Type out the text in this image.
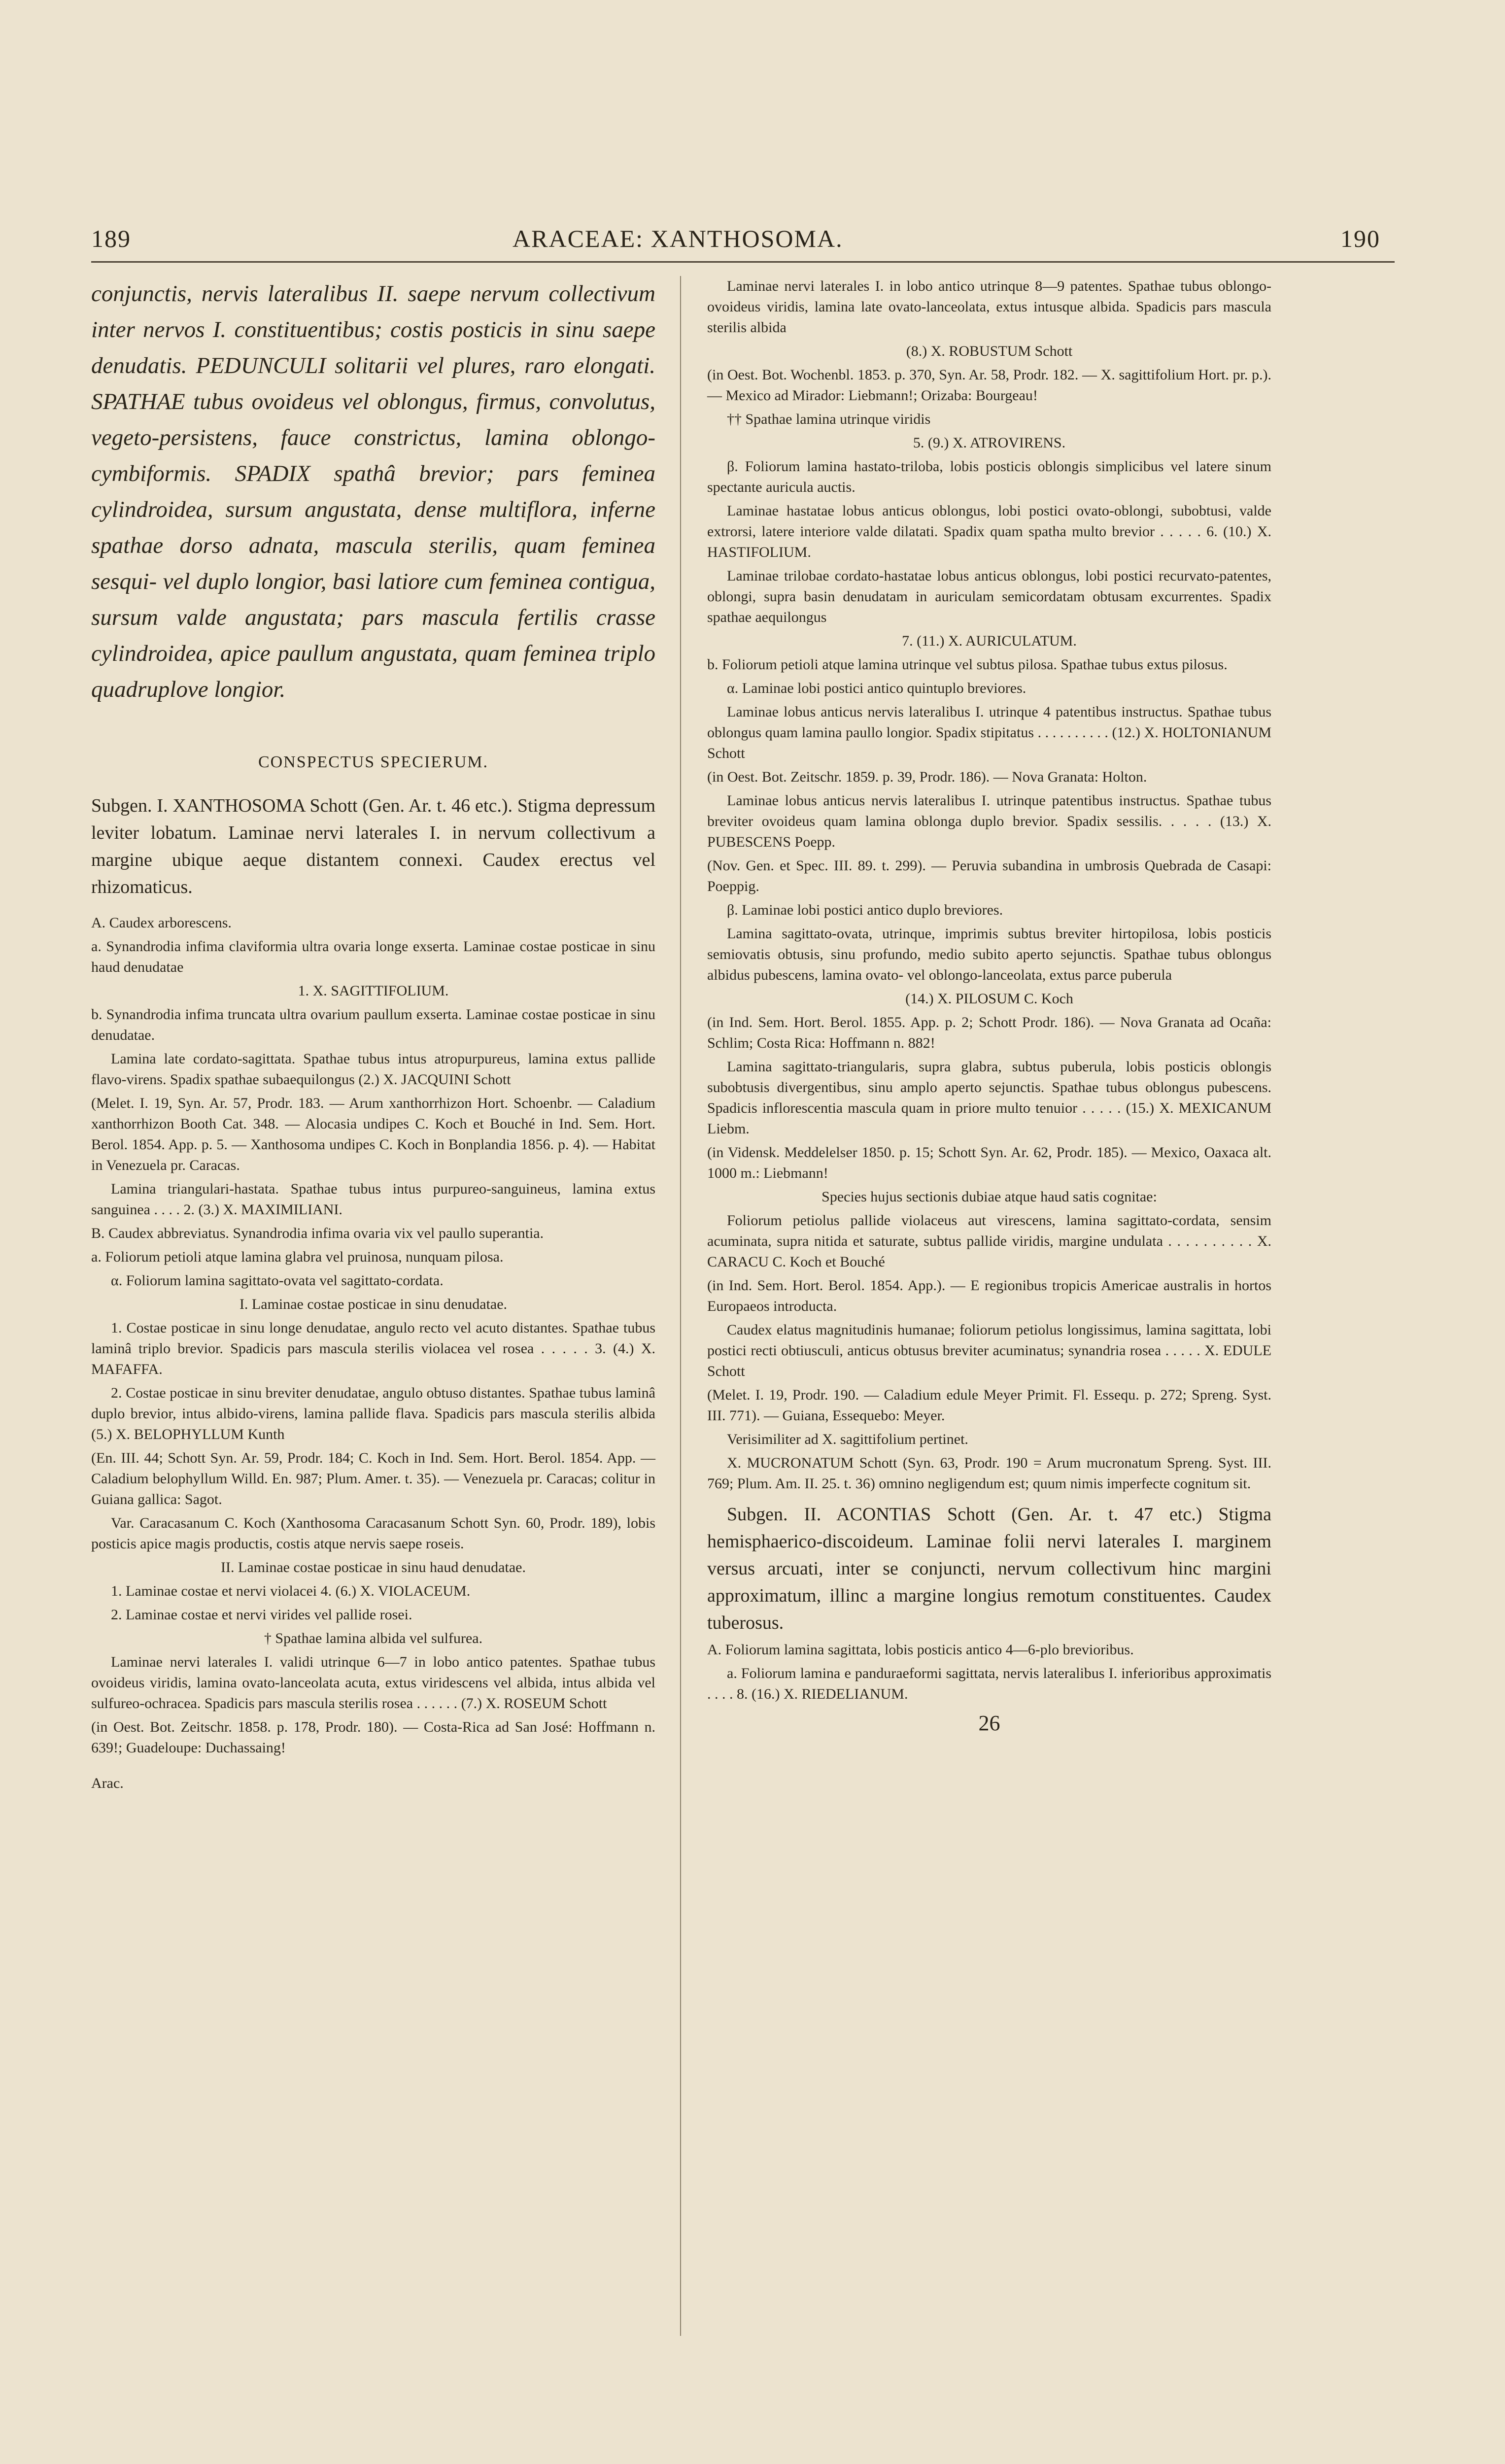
189	ARACEAE: XANTHOSOMA.	190

conjunctis, nervis lateralibus II. saepe nervum collectivum inter nervos I. constituentibus; costis posticis in sinu saepe denudatis. PEDUNCULI solitarii vel plures, raro elongati. SPATHAE tubus ovoideus vel oblongus, firmus, convolutus, vegeto-persistens, fauce constrictus, lamina oblongo-cymbiformis. SPADIX spathâ brevior; pars feminea cylindroidea, sursum angustata, dense multiflora, inferne spathae dorso adnata, mascula sterilis, quam feminea sesqui- vel duplo longior, basi latiore cum feminea contigua, sursum valde angustata; pars mascula fertilis crasse cylindroidea, apice paullum angustata, quam feminea triplo quadruplove longior.

CONSPECTUS SPECIERUM.

Subgen. I. XANTHOSOMA Schott (Gen. Ar. t. 46 etc.). Stigma depressum leviter lobatum. Laminae nervi laterales I. in nervum collectivum a margine ubique aeque distantem connexi. Caudex erectus vel rhizomaticus.

A. Caudex arborescens.

a. Synandrodia infima claviformia ultra ovaria longe exserta. Laminae costae posticae in sinu haud denudatae

1. X. SAGITTIFOLIUM.

b. Synandrodia infima truncata ultra ovarium paullum exserta. Laminae costae posticae in sinu denudatae.

Lamina late cordato-sagittata. Spathae tubus intus atropurpureus, lamina extus pallide flavo-virens. Spadix spathae subaequilongus (2.) X. JACQUINI Schott

(Melet. I. 19, Syn. Ar. 57, Prodr. 183. — Arum xanthorrhizon Hort. Schoenbr. — Caladium xanthorrhizon Booth Cat. 348. — Alocasia undipes C. Koch et Bouché in Ind. Sem. Hort. Berol. 1854. App. p. 5. — Xanthosoma undipes C. Koch in Bonplandia 1856. p. 4). — Habitat in Venezuela pr. Caracas.

Lamina triangulari-hastata. Spathae tubus intus purpureo-sanguineus, lamina extus sanguinea . . . . 2. (3.) X. MAXIMILIANI.

B. Caudex abbreviatus. Synandrodia infima ovaria vix vel paullo superantia.

a. Foliorum petioli atque lamina glabra vel pruinosa, nunquam pilosa.

α. Foliorum lamina sagittato-ovata vel sagittato-cordata.

I. Laminae costae posticae in sinu denudatae.

1. Costae posticae in sinu longe denudatae, angulo recto vel acuto distantes. Spathae tubus laminâ triplo brevior. Spadicis pars mascula sterilis violacea vel rosea . . . . . 3. (4.) X. MAFAFFA.

2. Costae posticae in sinu breviter denudatae, angulo obtuso distantes. Spathae tubus laminâ duplo brevior, intus albido-virens, lamina pallide flava. Spadicis pars mascula sterilis albida (5.) X. BELOPHYLLUM Kunth

(En. III. 44; Schott Syn. Ar. 59, Prodr. 184; C. Koch in Ind. Sem. Hort. Berol. 1854. App. — Caladium belophyllum Willd. En. 987; Plum. Amer. t. 35). — Venezuela pr. Caracas; colitur in Guiana gallica: Sagot.

Var. Caracasanum C. Koch (Xanthosoma Caracasanum Schott Syn. 60, Prodr. 189), lobis posticis apice magis productis, costis atque nervis saepe roseis.

II. Laminae costae posticae in sinu haud denudatae.

1. Laminae costae et nervi violacei 4. (6.) X. VIOLACEUM.

2. Laminae costae et nervi virides vel pallide rosei.

† Spathae lamina albida vel sulfurea.

Laminae nervi laterales I. validi utrinque 6—7 in lobo antico patentes. Spathae tubus ovoideus viridis, lamina ovato-lanceolata acuta, extus viridescens vel albida, intus albida vel sulfureo-ochracea. Spadicis pars mascula sterilis rosea . . . . . . (7.) X. ROSEUM Schott

(in Oest. Bot. Zeitschr. 1858. p. 178, Prodr. 180). — Costa-Rica ad San José: Hoffmann n. 639!; Guadeloupe: Duchassaing!

Arac.

Laminae nervi laterales I. in lobo antico utrinque 8—9 patentes. Spathae tubus oblongo-ovoideus viridis, lamina late ovato-lanceolata, extus intusque albida. Spadicis pars mascula sterilis albida

(8.) X. ROBUSTUM Schott

(in Oest. Bot. Wochenbl. 1853. p. 370, Syn. Ar. 58, Prodr. 182. — X. sagittifolium Hort. pr. p.). — Mexico ad Mirador: Liebmann!; Orizaba: Bourgeau!

†† Spathae lamina utrinque viridis

5. (9.) X. ATROVIRENS.

β. Foliorum lamina hastato-triloba, lobis posticis oblongis simplicibus vel latere sinum spectante auricula auctis.

Laminae hastatae lobus anticus oblongus, lobi postici ovato-oblongi, subobtusi, valde extrorsi, latere interiore valde dilatati. Spadix quam spatha multo brevior . . . . . 6. (10.) X. HASTIFOLIUM.

Laminae trilobae cordato-hastatae lobus anticus oblongus, lobi postici recurvato-patentes, oblongi, supra basin denudatam in auriculam semicordatam obtusam excurrentes. Spadix spathae aequilongus

7. (11.) X. AURICULATUM.

b. Foliorum petioli atque lamina utrinque vel subtus pilosa. Spathae tubus extus pilosus.

α. Laminae lobi postici antico quintuplo breviores.

Laminae lobus anticus nervis lateralibus I. utrinque 4 patentibus instructus. Spathae tubus oblongus quam lamina paullo longior. Spadix stipitatus . . . . . . . . . . (12.) X. HOLTONIANUM Schott

(in Oest. Bot. Zeitschr. 1859. p. 39, Prodr. 186). — Nova Granata: Holton.

Laminae lobus anticus nervis lateralibus I. utrinque patentibus instructus. Spathae tubus breviter ovoideus quam lamina oblonga duplo brevior. Spadix sessilis. . . . . (13.) X. PUBESCENS Poepp.

(Nov. Gen. et Spec. III. 89. t. 299). — Peruvia subandina in umbrosis Quebrada de Casapi: Poeppig.

β. Laminae lobi postici antico duplo breviores.

Lamina sagittato-ovata, utrinque, imprimis subtus breviter hirtopilosa, lobis posticis semiovatis obtusis, sinu profundo, medio subito aperto sejunctis. Spathae tubus oblongus albidus pubescens, lamina ovato- vel oblongo-lanceolata, extus parce puberula

(14.) X. PILOSUM C. Koch

(in Ind. Sem. Hort. Berol. 1855. App. p. 2; Schott Prodr. 186). — Nova Granata ad Ocaña: Schlim; Costa Rica: Hoffmann n. 882!

Lamina sagittato-triangularis, supra glabra, subtus puberula, lobis posticis oblongis subobtusis divergentibus, sinu amplo aperto sejunctis. Spathae tubus oblongus pubescens. Spadicis inflorescentia mascula quam in priore multo tenuior . . . . . (15.) X. MEXICANUM Liebm.

(in Vidensk. Meddelelser 1850. p. 15; Schott Syn. Ar. 62, Prodr. 185). — Mexico, Oaxaca alt. 1000 m.: Liebmann!

Species hujus sectionis dubiae atque haud satis cognitae:

Foliorum petiolus pallide violaceus aut virescens, lamina sagittato-cordata, sensim acuminata, supra nitida et saturate, subtus pallide viridis, margine undulata . . . . . . . . . . X. CARACU C. Koch et Bouché

(in Ind. Sem. Hort. Berol. 1854. App.). — E regionibus tropicis Americae australis in hortos Europaeos introducta.

Caudex elatus magnitudinis humanae; foliorum petiolus longissimus, lamina sagittata, lobi postici recti obtiusculi, anticus obtusus breviter acuminatus; synandria rosea . . . . . X. EDULE Schott

(Melet. I. 19, Prodr. 190. — Caladium edule Meyer Primit. Fl. Essequ. p. 272; Spreng. Syst. III. 771). — Guiana, Essequebo: Meyer.

Verisimiliter ad X. sagittifolium pertinet.

X. MUCRONATUM Schott (Syn. 63, Prodr. 190 = Arum mucronatum Spreng. Syst. III. 769; Plum. Am. II. 25. t. 36) omnino negligendum est; quum nimis imperfecte cognitum sit.

Subgen. II. ACONTIAS Schott (Gen. Ar. t. 47 etc.) Stigma hemisphaerico-discoideum. Laminae folii nervi laterales I. marginem versus arcuati, inter se conjuncti, nervum collectivum hinc margini approximatum, illinc a margine longius remotum constituentes. Caudex tuberosus.

A. Foliorum lamina sagittata, lobis posticis antico 4—6-plo brevioribus.

a. Foliorum lamina e panduraeformi sagittata, nervis lateralibus I. inferioribus approximatis . . . . 8. (16.) X. RIEDELIANUM.

26
